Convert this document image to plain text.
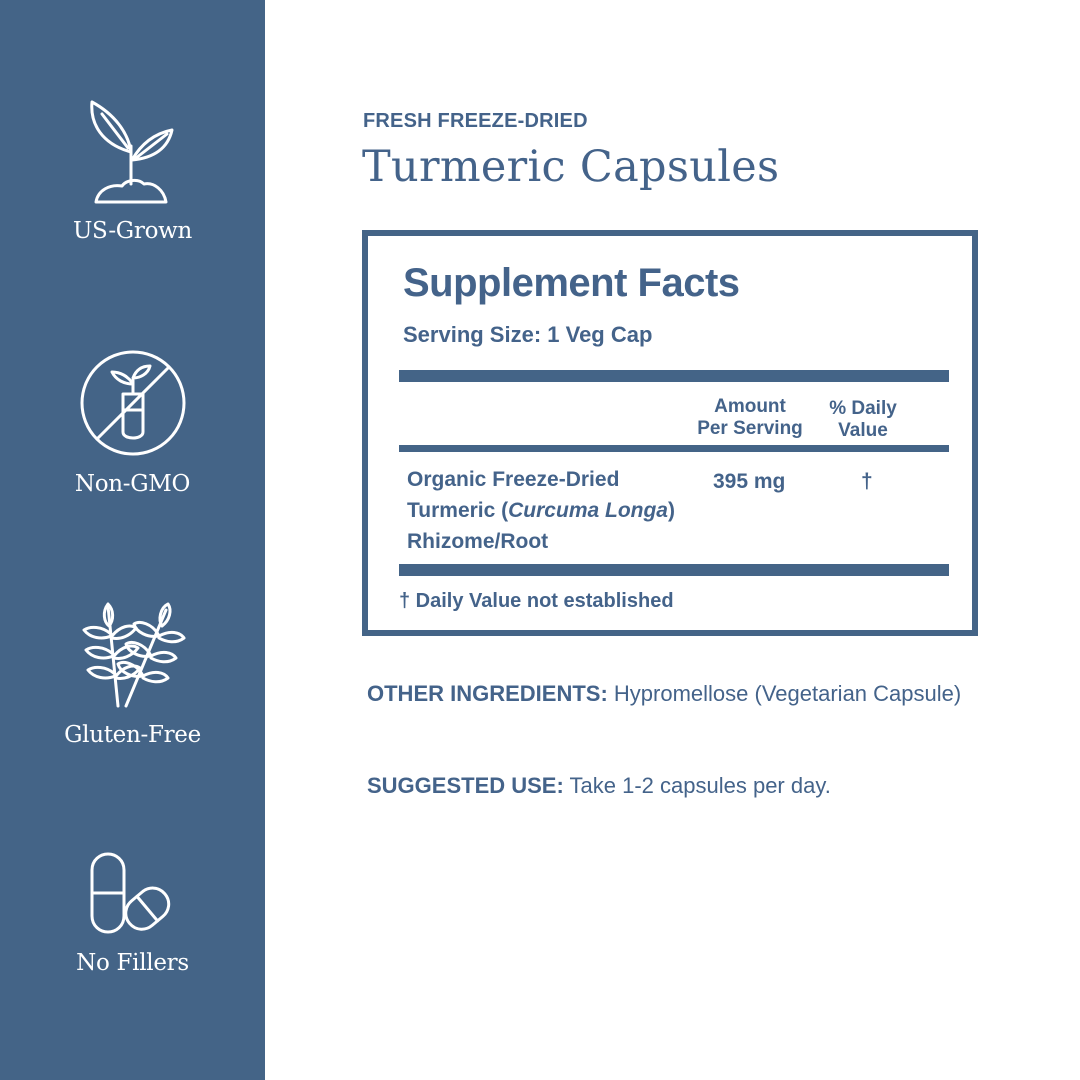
US-Grown
Non-GMO
Gluten-Free
No Fillers
FRESH FREEZE-DRIED
Turmeric Capsules
Supplement Facts
Serving Size: 1 Veg Cap
Amount
Per Serving
% Daily
Value
Organic Freeze-Dried Turmeric (Curcuma Longa) Rhizome/Root
395 mg	†
† Daily Value not established
OTHER INGREDIENTS: Hypromellose (Vegetarian Capsule)
SUGGESTED USE: Take 1-2 capsules per day.
